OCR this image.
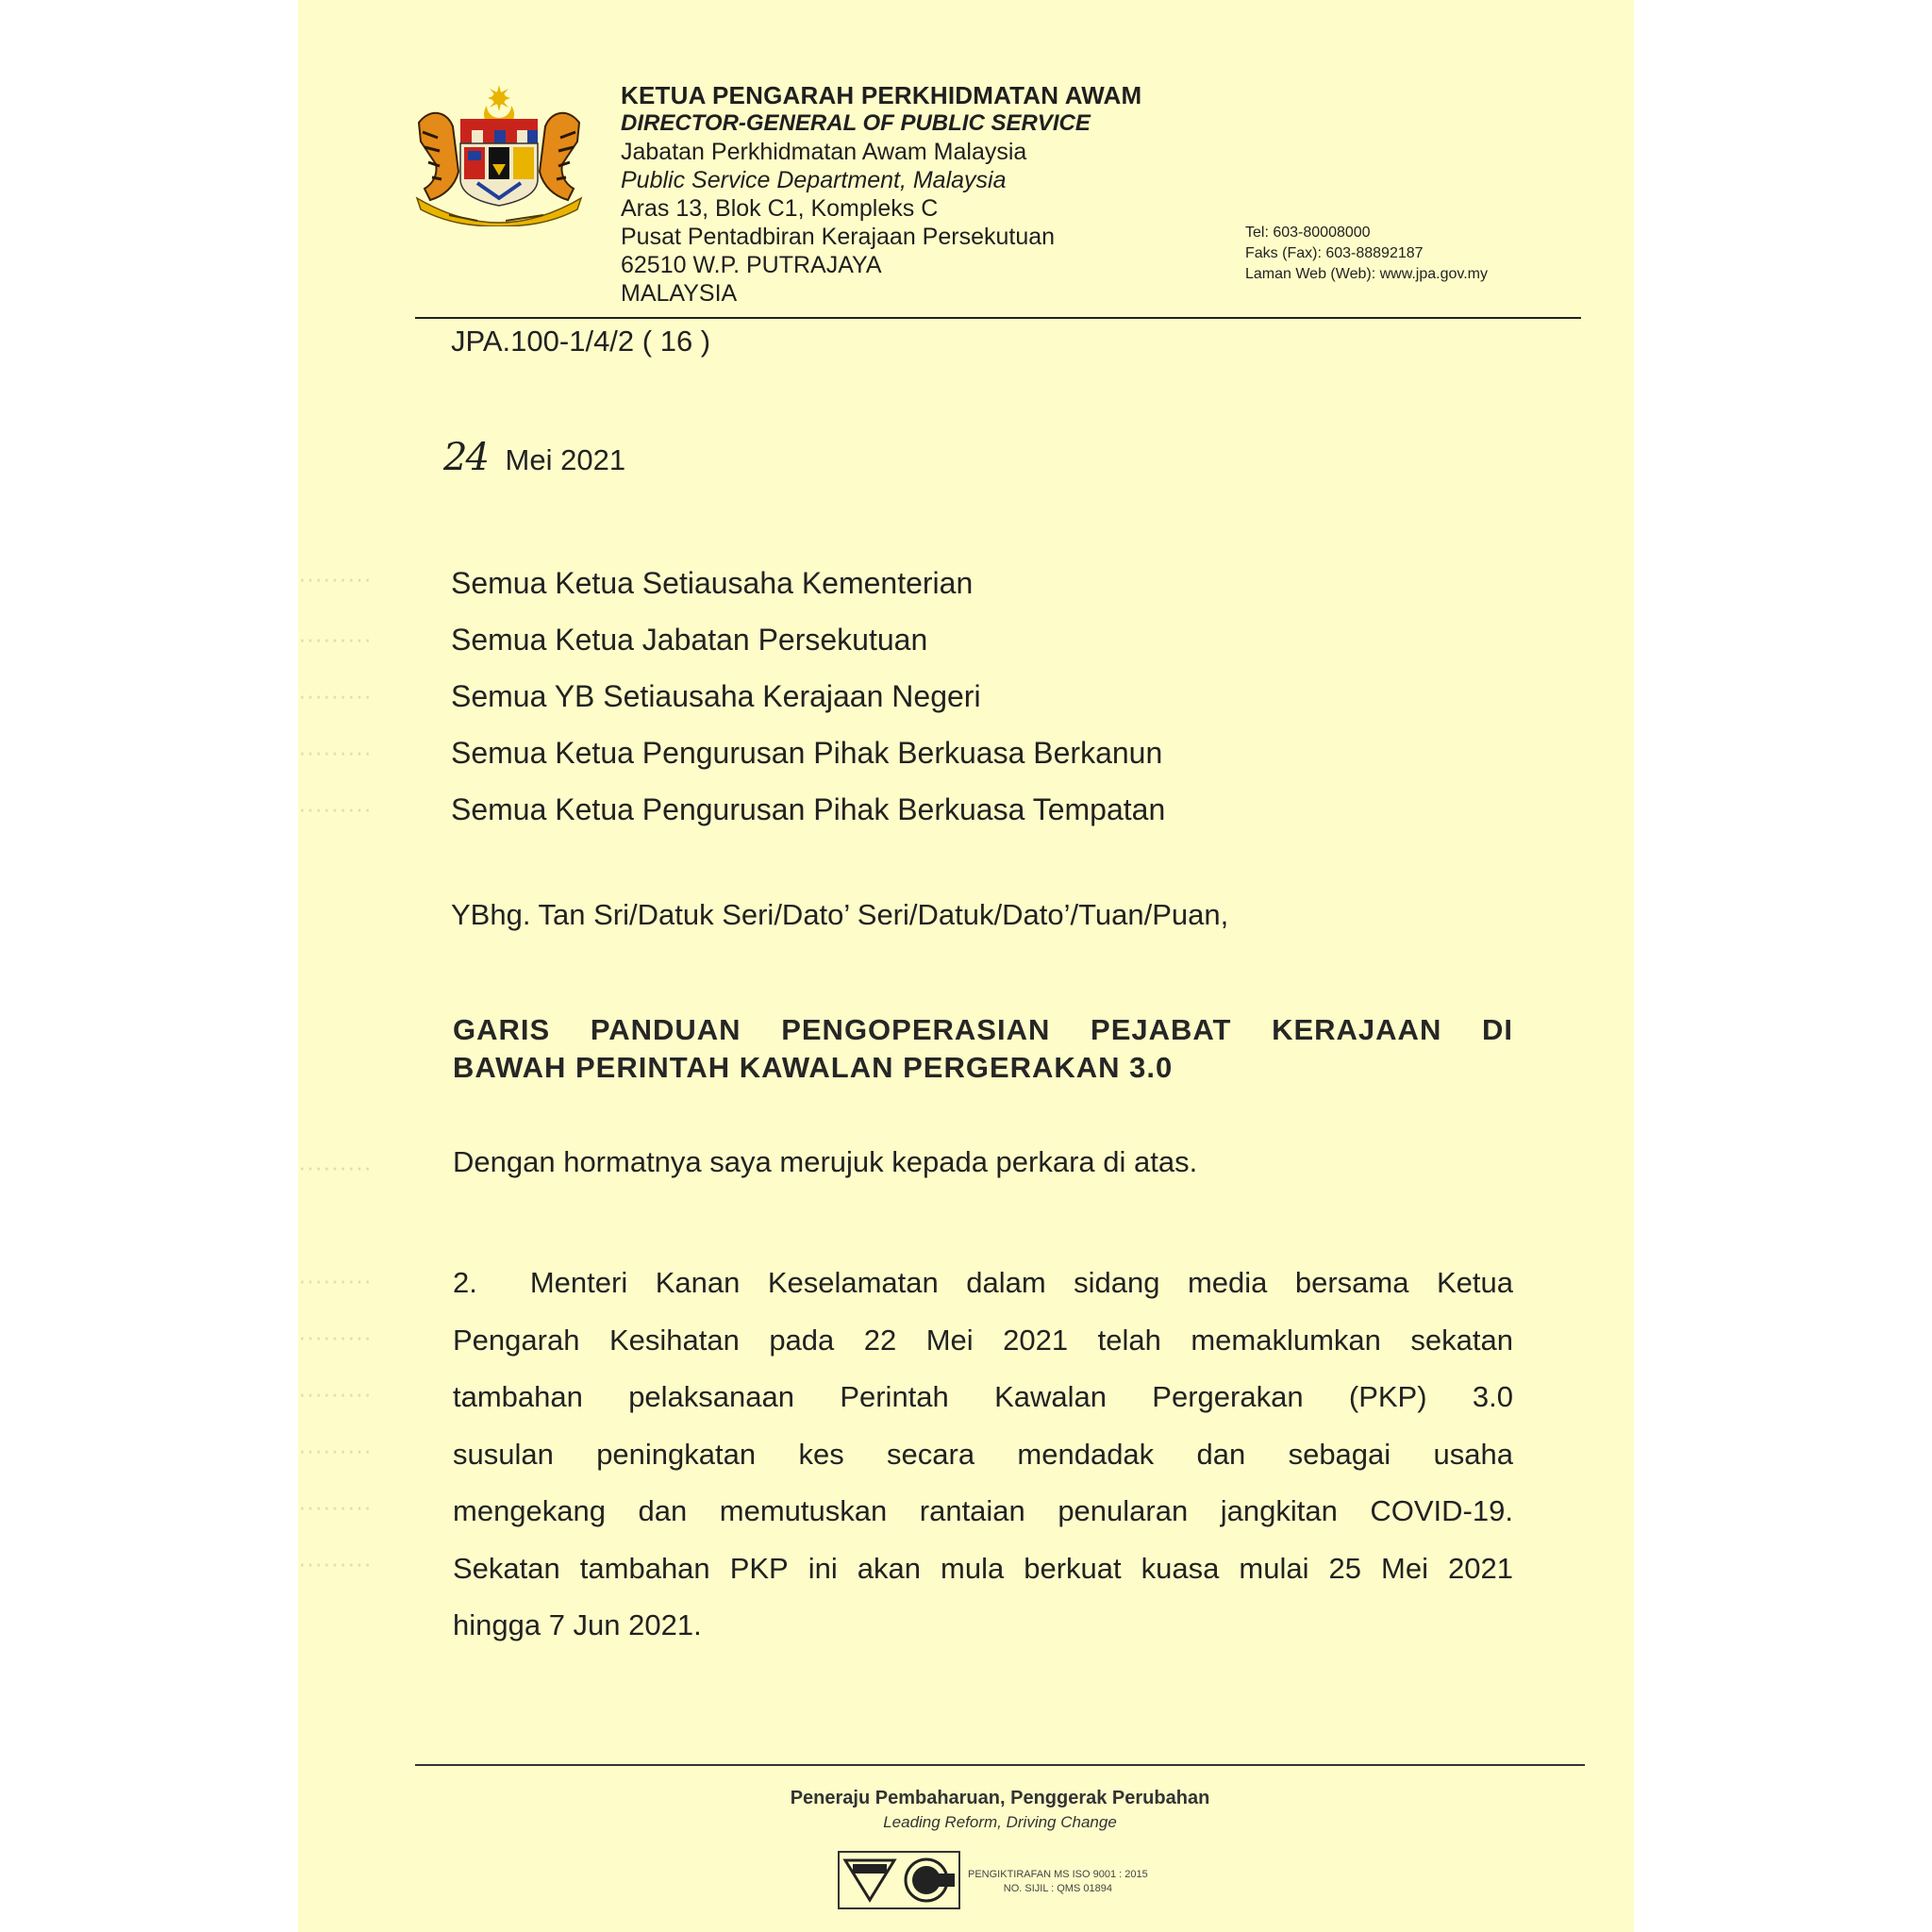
·········
·········
·········
·········
·········
·········
·········
·········
·········
·········
·········
·········
KETUA PENGARAH PERKHIDMATAN AWAM
DIRECTOR-GENERAL OF PUBLIC SERVICE
Jabatan Perkhidmatan Awam Malaysia
Public Service Department, Malaysia
Aras 13, Blok C1, Kompleks C
Pusat Pentadbiran Kerajaan Persekutuan
62510 W.P. PUTRAJAYA
MALAYSIA
Tel: 603-80008000
Faks (Fax): 603-88892187
Laman Web (Web): www.jpa.gov.my
JPA.100-1/4/2 ( 16 )
24 Mei 2021
Semua Ketua Setiausaha Kementerian
Semua Ketua Jabatan Persekutuan
Semua YB Setiausaha Kerajaan Negeri
Semua Ketua Pengurusan Pihak Berkuasa Berkanun
Semua Ketua Pengurusan Pihak Berkuasa Tempatan
YBhg. Tan Sri/Datuk Seri/Dato’ Seri/Datuk/Dato’/Tuan/Puan,
GARIS PANDUAN PENGOPERASIAN PEJABAT KERAJAAN DI
BAWAH PERINTAH KAWALAN PERGERAKAN 3.0
Dengan hormatnya saya merujuk kepada perkara di atas.
2. Menteri Kanan Keselamatan dalam sidang media bersama Ketua
Pengarah Kesihatan pada 22 Mei 2021 telah memaklumkan sekatan
tambahan pelaksanaan Perintah Kawalan Pergerakan (PKP) 3.0
susulan peningkatan kes secara mendadak dan sebagai usaha
mengekang dan memutuskan rantaian penularan jangkitan COVID-19.
Sekatan tambahan PKP ini akan mula berkuat kuasa mulai 25 Mei 2021
hingga 7 Jun 2021.
Peneraju Pembaharuan, Penggerak Perubahan
Leading Reform, Driving Change
PENGIKTIRAFAN MS ISO 9001 : 2015
NO. SIJIL : QMS 01894
